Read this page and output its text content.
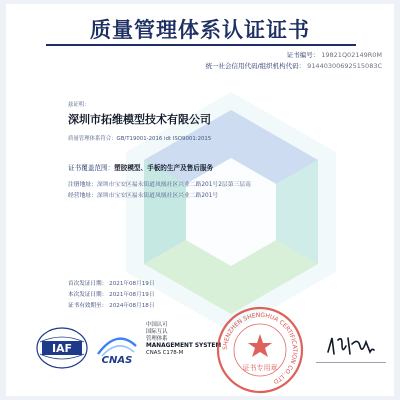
质量管理体系认证证书
证书编号： 19821Q02149R0M
统一社会信用代码/组织机构代码： 91440300692515083C
兹证明：
深圳市拓维模型技术有限公司
质量管理体系符合：GB/T19001-2016 idt ISO9001:2015
证书覆盖范围：塑胶模型、手板的生产及售后服务
注册地址：深圳市宝安区福永街道凤凰社区兴业二路201号2层第三层南
经营地址：深圳市宝安区福永街道凤凰社区兴业二路201号
首次发证日期： 2021年08月19日
本次发证日期： 2021年08月19日
证书有效期至： 2024年08月18日
IAF
CNAS
中国认可
国际互认
管理体系
MANAGEMENT SYSTEM
CNAS C178-M
SHENZHEN SHENGHUA CERTIFICATION CO.,LTD
证书专用章
